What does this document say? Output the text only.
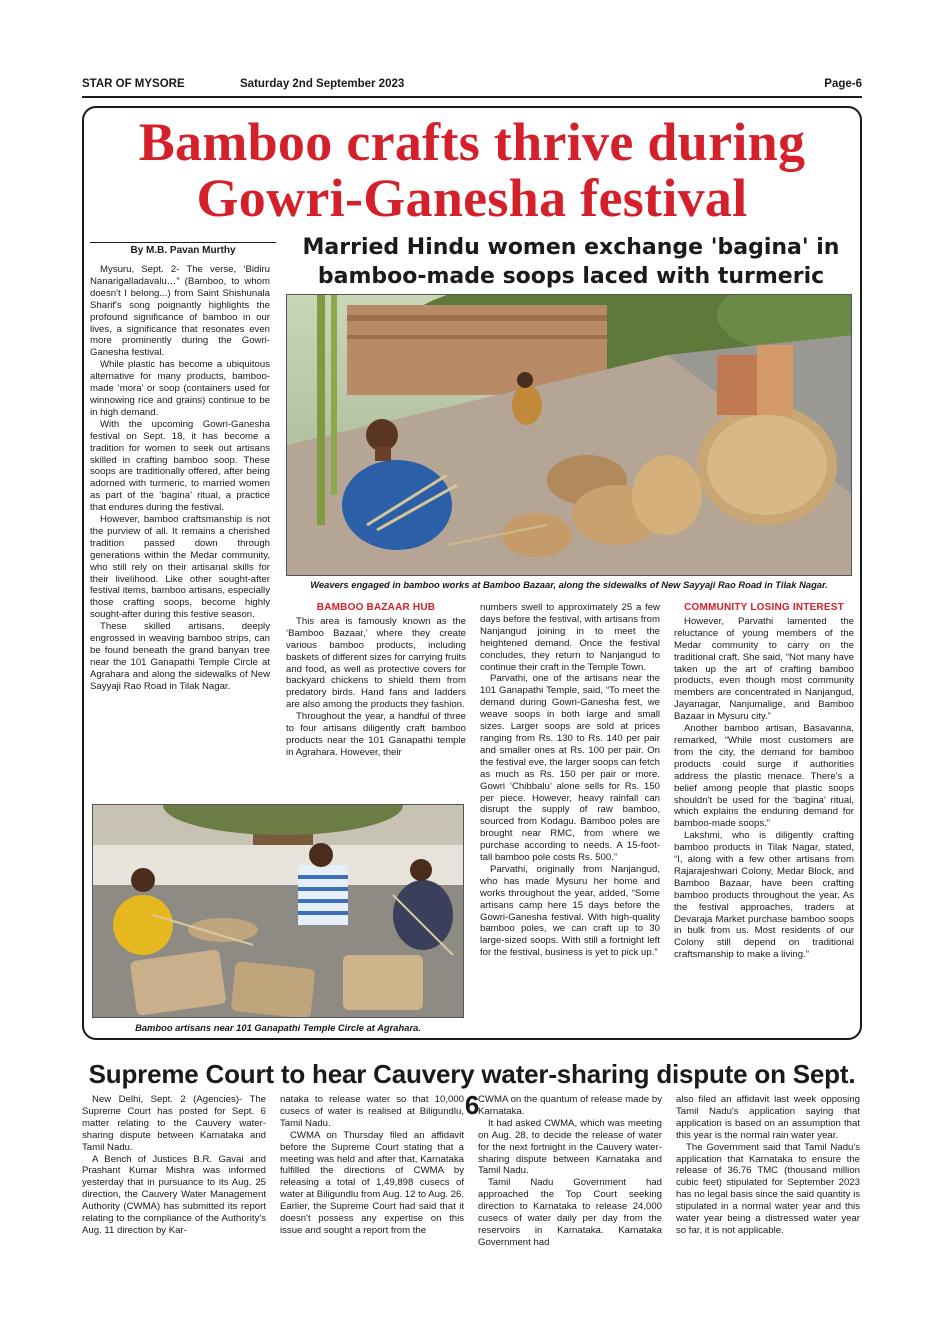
STAR OF MYSORE	Saturday 2nd September 2023	Page-6
Bamboo crafts thrive during
Gowri-Ganesha festival
By M.B. Pavan Murthy	Married Hindu women exchange 'bagina' in
bamboo-made soops laced with turmeric

Mysuru, Sept. 2- The verse, ‘Bidiru Nanarigalladavalu…” (Bamboo, to whom doesn't I belong...) from Saint Shishunala Sharif's song poignantly highlights the profound significance of bamboo in our lives, a significance that resonates even more prominently during the Gowri-Ganesha festival.

While plastic has become a ubiquitous alternative for many products, bamboo-made ‘mora’ or soop (containers used for winnowing rice and grains) continue to be in high demand.

With the upcoming Gowri-Ganesha festival on Sept. 18, it has become a tradition for women to seek out artisans skilled in crafting bamboo soop. These soops are traditionally offered, after being adorned with turmeric, to married women as part of the ‘bagina’ ritual, a practice that endures during the festival.

However, bamboo craftsmanship is not the purview of all. It remains a cherished tradition passed down through generations within the Medar community, who still rely on their artisanal skills for their livelihood. Like other sought-after festival items, bamboo artisans, especially those crafting soops, become highly sought-after during this festive season.

These skilled artisans, deeply engrossed in weaving bamboo strips, can be found beneath the grand banyan tree near the 101 Ganapathi Temple Circle at Agrahara and along the sidewalks of New Sayyaji Rao Road in Tilak Nagar.

Weavers engaged in bamboo works at Bamboo Bazaar, along the sidewalks of New Sayyaji Rao Road in Tilak Nagar.
BAMBOO BAZAAR HUB

This area is famously known as the ‘Bamboo Bazaar,’ where they create various bamboo products, including baskets of different sizes for carrying fruits and food, as well as protective covers for backyard chickens to shield them from predatory birds. Hand fans and ladders are also among the products they fashion.

Throughout the year, a handful of three to four artisans diligently craft bamboo products near the 101 Ganapathi temple in Agrahara. However, their

numbers swell to approximately 25 a few days before the festival, with artisans from Nanjangud joining in to meet the heightened demand. Once the festival concludes, they return to Nanjangud to continue their craft in the Temple Town.

Parvathi, one of the artisans near the 101 Ganapathi Temple, said, “To meet the demand during Gowri-Ganesha fest, we weave soops in both large and small sizes. Larger soops are sold at prices ranging from Rs. 130 to Rs. 140 per pair and smaller ones at Rs. 100 per pair. On the festival eve, the larger soops can fetch as much as Rs. 150 per pair or more. Gowri ‘Chibbalu’ alone sells for Rs. 150 per piece. However, heavy rainfall can disrupt the supply of raw bamboo, sourced from Kodagu. Bamboo poles are brought near RMC, from where we purchase according to needs. A 15-foot-tall bamboo pole costs Rs. 500.”

Parvathi, originally from Nanjangud, who has made Mysuru her home and works throughout the year, added, “Some artisans camp here 15 days before the Gowri-Ganesha festival. With high-quality bamboo poles, we can craft up to 30 large-sized soops. With still a fortnight left for the festival, business is yet to pick up.”

COMMUNITY LOSING INTEREST

However, Parvathi lamented the reluctance of young members of the Medar community to carry on the traditional craft. She said, “Not many have taken up the art of crafting bamboo products, even though most community members are concentrated in Nanjangud, Jayanagar, Nanjumalige, and Bamboo Bazaar in Mysuru city.”

Another bamboo artisan, Basavanna, remarked, “While most customers are from the city, the demand for bamboo products could surge if authorities address the plastic menace. There's a belief among people that plastic soops shouldn't be used for the ‘bagina’ ritual, which explains the enduring demand for bamboo-made soops.”

Lakshmi, who is diligently crafting bamboo products in Tilak Nagar, stated, “I, along with a few other artisans from Rajarajeshwari Colony, Medar Block, and Bamboo Bazaar, have been crafting bamboo products throughout the year. As the festival approaches, traders at Devaraja Market purchase bamboo soops in bulk from us. Most residents of our Colony still depend on traditional craftsmanship to make a living.”

Bamboo artisans near 101 Ganapathi Temple Circle at Agrahara.
Supreme Court to hear Cauvery water-sharing dispute on Sept. 6

New Delhi, Sept. 2 (Agencies)- The Supreme Court has posted for Sept. 6 matter relating to the Cauvery water-sharing dispute between Karnataka and Tamil Nadu.

A Bench of Justices B.R. Gavai and Prashant Kumar Mishra was informed yesterday that in pursuance to its Aug. 25 direction, the Cauvery Water Management Authority (CWMA) has submitted its report relating to the compliance of the Authority's Aug. 11 direction by Kar-

nataka to release water so that 10,000 cusecs of water is realised at Biligundlu, Tamil Nadu.

CWMA on Thursday filed an affidavit before the Supreme Court stating that a meeting was held and after that, Karnataka fulfilled the directions of CWMA by releasing a total of 1,49,898 cusecs of water at Biligundlu from Aug. 12 to Aug. 26. Earlier, the Supreme Court had said that it doesn't possess any expertise on this issue and sought a report from the

CWMA on the quantum of release made by Karnataka.

It had asked CWMA, which was meeting on Aug. 28, to decide the release of water for the next fortnight in the Cauvery water-sharing dispute between Karnataka and Tamil Nadu.

Tamil Nadu Government had approached the Top Court seeking direction to Karnataka to release 24,000 cusecs of water daily per day from the reservoirs in Karnataka. Karnataka Government had

also filed an affidavit last week opposing Tamil Nadu's application saying that application is based on an assumption that this year is the normal rain water year.

The Government said that Tamil Nadu's application that Karnataka to ensure the release of 36.76 TMC (thousand million cubic feet) stipulated for September 2023 has no legal basis since the said quantity is stipulated in a normal water year and this water year being a distressed water year so far, it is not applicable.
